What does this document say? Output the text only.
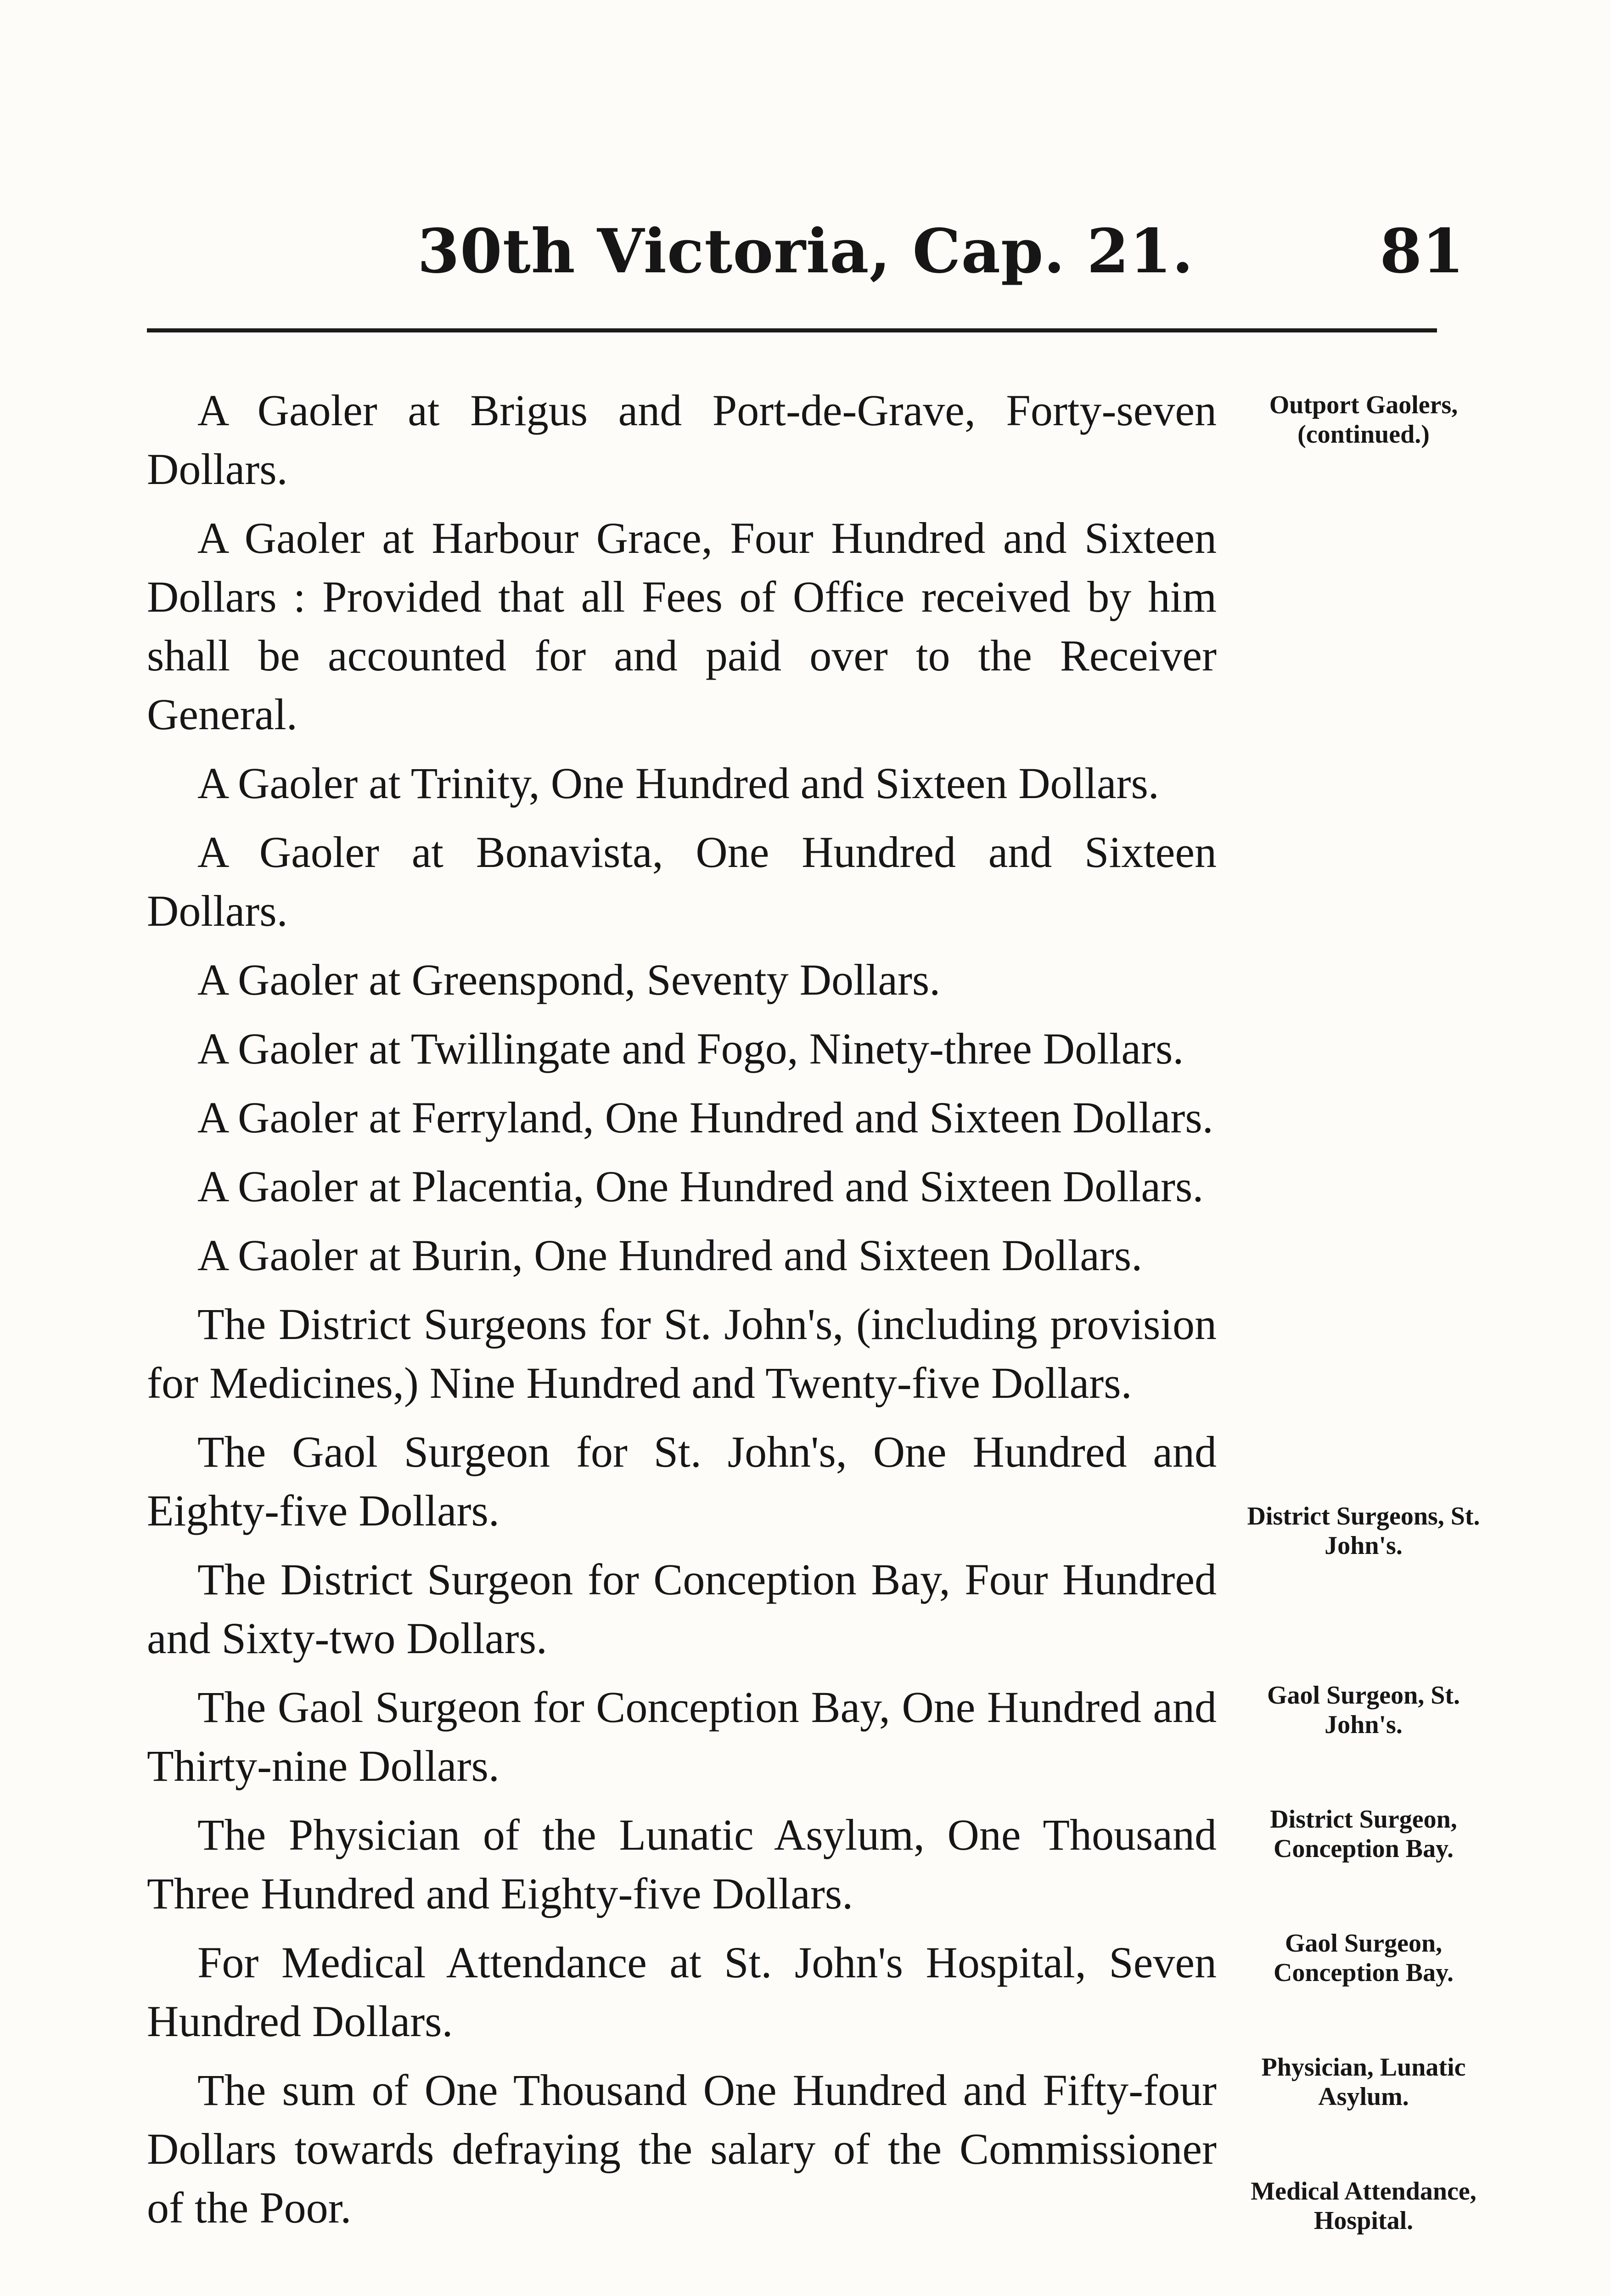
30th Victoria, Cap. 21.	81

A Gaoler at Brigus and Port-de-Grave, Forty-seven Dollars.

A Gaoler at Harbour Grace, Four Hundred and Sixteen Dollars : Provided that all Fees of Office received by him shall be accounted for and paid over to the Receiver General.

A Gaoler at Trinity, One Hundred and Sixteen Dollars.

A Gaoler at Bonavista, One Hundred and Sixteen Dollars.

A Gaoler at Greenspond, Seventy Dollars.

A Gaoler at Twillingate and Fogo, Ninety-three Dollars.

A Gaoler at Ferryland, One Hundred and Sixteen Dollars.

A Gaoler at Placentia, One Hundred and Sixteen Dollars.

A Gaoler at Burin, One Hundred and Sixteen Dollars.

The District Surgeons for St. John's, (including provision for Medicines,) Nine Hundred and Twenty-five Dollars.

The Gaol Surgeon for St. John's, One Hundred and Eighty-five Dollars.

The District Surgeon for Conception Bay, Four Hundred and Sixty-two Dollars.

The Gaol Surgeon for Conception Bay, One Hundred and Thirty-nine Dollars.

The Physician of the Lunatic Asylum, One Thousand Three Hundred and Eighty-five Dollars.

For Medical Attendance at St. John's Hospital, Seven Hundred Dollars.

The sum of One Thousand One Hundred and Fifty-four Dollars towards defraying the salary of the Commissioner of the Poor.

Outport Gaolers, (continued.)
District Surgeons, St. John's.
Gaol Surgeon, St. John's.
District Surgeon, Conception Bay.
Gaol Surgeon, Conception Bay.
Physician, Lunatic Asylum.
Medical Attendance, Hospital.
